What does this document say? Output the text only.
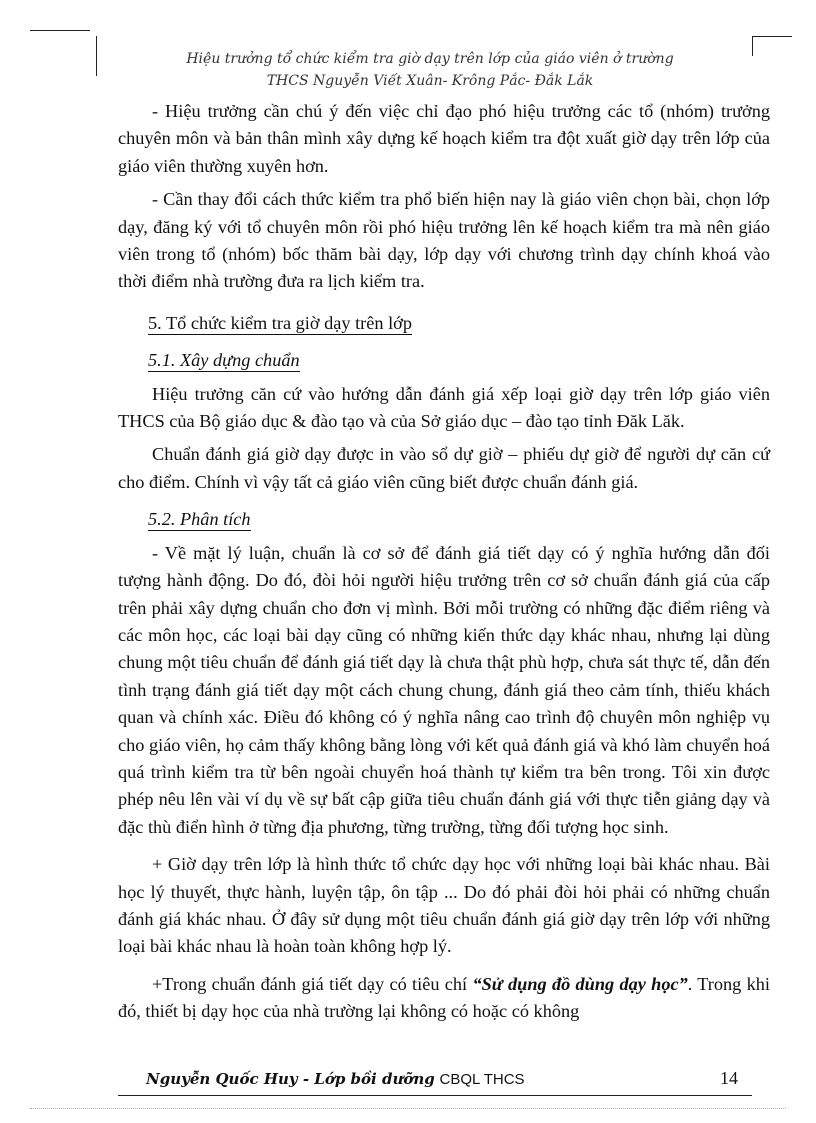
Hiệu trưởng tổ chức kiểm tra giờ dạy trên lớp của giáo viên ở trường
THCS Nguyễn Viết Xuân- Krông Pắc- Đắk Lắk

- Hiệu trưởng cần chú ý đến việc chỉ đạo phó hiệu trưởng các tổ (nhóm) trưởng chuyên môn và bản thân mình xây dựng kế hoạch kiểm tra đột xuất giờ dạy trên lớp của giáo viên thường xuyên hơn.

- Cần thay đổi cách thức kiểm tra phổ biến hiện nay là giáo viên chọn bài, chọn lớp dạy, đăng ký với tổ chuyên môn rồi phó hiệu trưởng lên kế hoạch kiểm tra mà nên giáo viên trong tổ (nhóm) bốc thăm bài dạy, lớp dạy với chương trình dạy chính khoá vào thời điểm nhà trường đưa ra lịch kiểm tra.

5. Tổ chức kiểm tra giờ dạy trên lớp
5.1. Xây dựng chuẩn

Hiệu trưởng căn cứ vào hướng dẫn đánh giá xếp loại giờ dạy trên lớp giáo viên THCS của Bộ giáo dục & đào tạo và của Sở giáo dục – đào tạo tỉnh Đăk Lăk.

Chuẩn đánh giá giờ dạy được in vào sổ dự giờ – phiếu dự giờ để người dự căn cứ cho điểm. Chính vì vậy tất cả giáo viên cũng biết được chuẩn đánh giá.

5.2. Phân tích

- Về mặt lý luận, chuẩn là cơ sở để đánh giá tiết dạy có ý nghĩa hướng dẫn đối tượng hành động. Do đó, đòi hỏi người hiệu trưởng trên cơ sở chuẩn đánh giá của cấp trên phải xây dựng chuẩn cho đơn vị mình. Bởi mỗi trường có những đặc điểm riêng và các môn học, các loại bài dạy cũng có những kiến thức dạy khác nhau, nhưng lại dùng chung một tiêu chuẩn để đánh giá tiết dạy là chưa thật phù hợp, chưa sát thực tế, dẫn đến tình trạng đánh giá tiết dạy một cách chung chung, đánh giá theo cảm tính, thiếu khách quan và chính xác. Điều đó không có ý nghĩa nâng cao trình độ chuyên môn nghiệp vụ cho giáo viên, họ cảm thấy không bằng lòng với kết quả đánh giá và khó làm chuyển hoá quá trình kiểm tra từ bên ngoài chuyển hoá thành tự kiểm tra bên trong. Tôi xin được phép nêu lên vài ví dụ về sự bất cập giữa tiêu chuẩn đánh giá với thực tiễn giảng dạy và đặc thù điển hình ở từng địa phương, từng trường, từng đối tượng học sinh.

+ Giờ dạy trên lớp là hình thức tổ chức dạy học với những loại bài khác nhau. Bài học lý thuyết, thực hành, luyện tập, ôn tập ... Do đó phải đòi hỏi phải có những chuẩn đánh giá khác nhau. Ở đây sử dụng một tiêu chuẩn đánh giá giờ dạy trên lớp với những loại bài khác nhau là hoàn toàn không hợp lý.

+Trong chuẩn đánh giá tiết dạy có tiêu chí “Sử dụng đồ dùng dạy học”. Trong khi đó, thiết bị dạy học của nhà trường lại không có hoặc có không

Nguyễn Quốc Huy - Lớp bồi dưỡng CBQL THCS	14
